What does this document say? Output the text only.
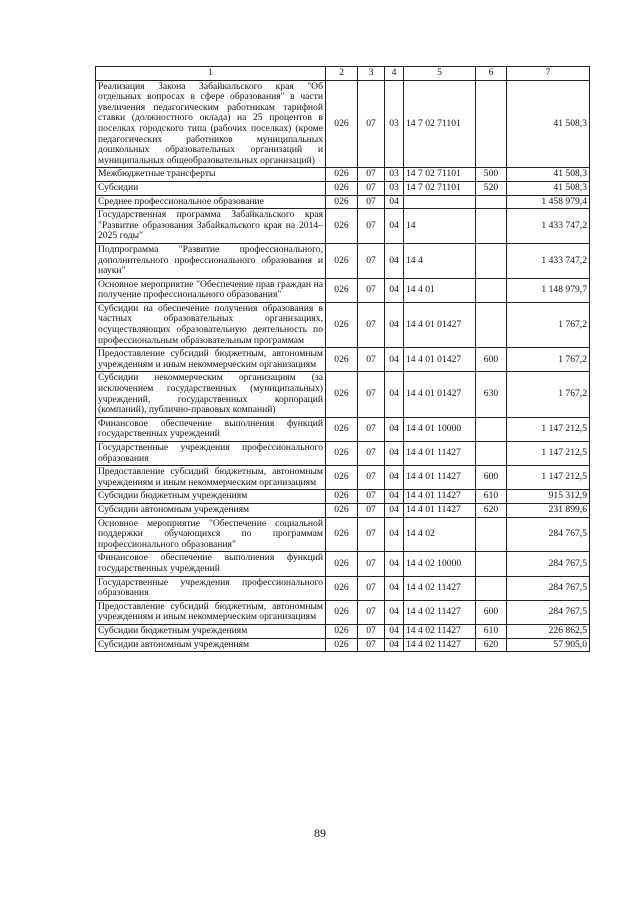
1	2	3	4	5	6	7
Реализация Закона Забайкальского края "Об отдельных вопросах в сфере образования" в части увеличения педагогическим работникам тарифной ставки (должностного оклада) на 25 процентов в поселках городского типа (рабочих поселках) (кроме педагогических работников муниципальных дошкольных образовательных организаций и муниципальных общеобразовательных организаций)	026	07	03	14 7 02 71101		41 508,3
Межбюджетные трансферты	026	07	03	14 7 02 71101	500	41 508,3
Субсидии	026	07	03	14 7 02 71101	520	41 508,3
Среднее профессиональное образование	026	07	04			1 458 979,4
Государственная программа Забайкальского края "Развитие образования Забайкальского края на 2014–2025 годы"	026	07	04	14		1 433 747,2
Подпрограмма "Развитие профессионального, дополнительного профессионального образования и науки"	026	07	04	14 4		1 433 747,2
Основное мероприятие "Обеспечение прав граждан на получение профессионального образования"	026	07	04	14 4 01		1 148 979,7
Субсидии на обеспечение получения образования в частных образовательных организациях, осуществляющих образовательную деятельность по профессиональным образовательным программам	026	07	04	14 4 01 01427		1 767,2
Предоставление субсидий бюджетным, автономным учреждениям и иным некоммерческим организациям	026	07	04	14 4 01 01427	600	1 767,2
Субсидии некоммерческим организациям (за исключением государственных (муниципальных) учреждений, государственных корпораций (компаний), публично-правовых компаний)	026	07	04	14 4 01 01427	630	1 767,2
Финансовое обеспечение выполнения функций государственных учреждений	026	07	04	14 4 01 10000		1 147 212,5
Государственные учреждения профессионального образования	026	07	04	14 4 01 11427		1 147 212,5
Предоставление субсидий бюджетным, автономным учреждениям и иным некоммерческим организациям	026	07	04	14 4 01 11427	600	1 147 212,5
Субсидии бюджетным учреждениям	026	07	04	14 4 01 11427	610	915 312,9
Субсидии автономным учреждениям	026	07	04	14 4 01 11427	620	231 899,6
Основное мероприятие "Обеспечение социальной поддержки обучающихся по программам профессионального образования"	026	07	04	14 4 02		284 767,5
Финансовое обеспечение выполнения функций государственных учреждений	026	07	04	14 4 02 10000		284 767,5
Государственные учреждения профессионального образования	026	07	04	14 4 02 11427		284 767,5
Предоставление субсидий бюджетным, автономным учреждениям и иным некоммерческим организациям	026	07	04	14 4 02 11427	600	284 767,5
Субсидии бюджетным учреждениям	026	07	04	14 4 02 11427	610	226 862,5
Субсидии автономным учреждениям	026	07	04	14 4 02 11427	620	57 905,0
89
